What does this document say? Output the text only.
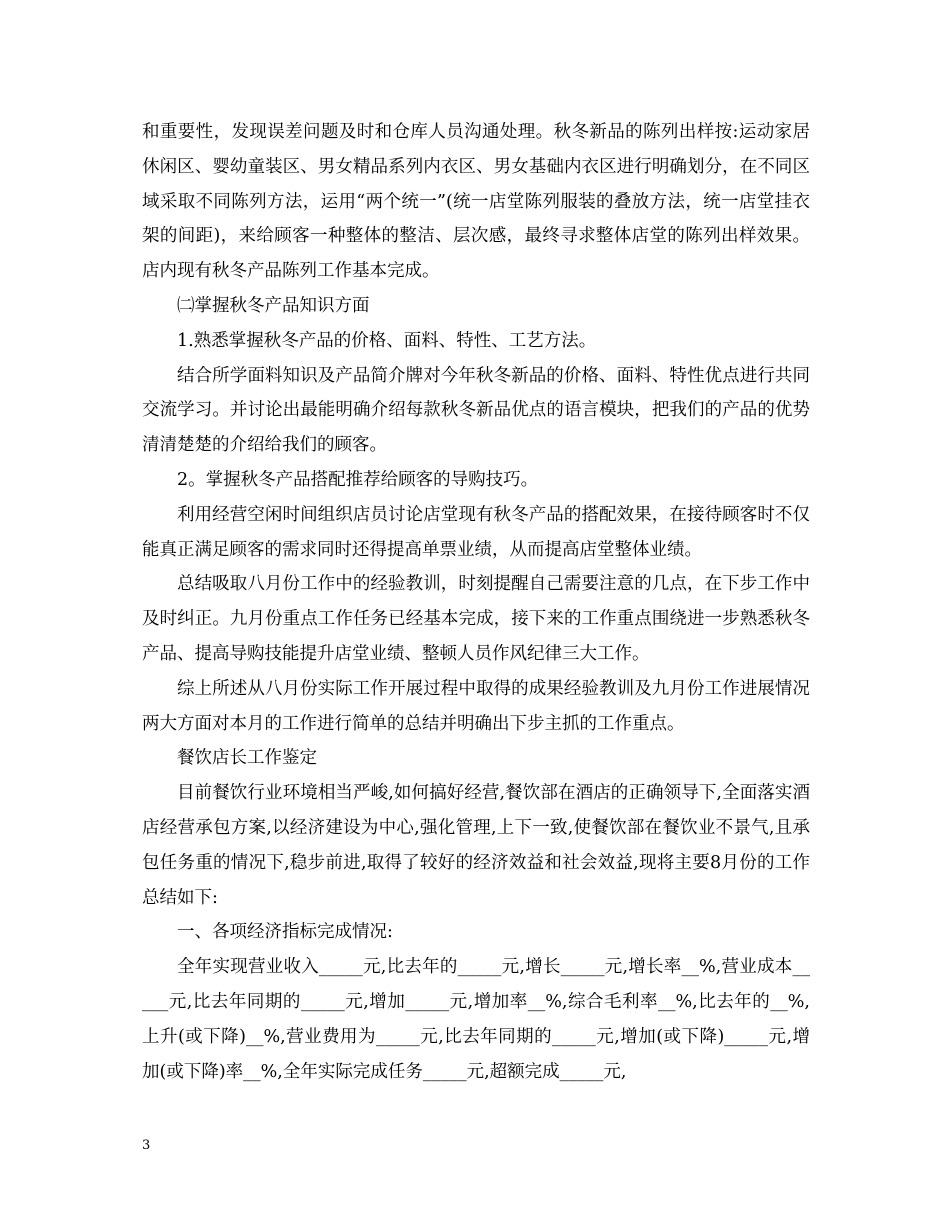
和重要性，发现误差问题及时和仓库人员沟通处理。秋冬新品的陈列出样按:运动家居休闲区、婴幼童装区、男女精品系列内衣区、男女基础内衣区进行明确划分，在不同区域采取不同陈列方法，运用“两个统一”(统一店堂陈列服装的叠放方法，统一店堂挂衣架的间距)，来给顾客一种整体的整洁、层次感，最终寻求整体店堂的陈列出样效果。店内现有秋冬产品陈列工作基本完成。

㈡掌握秋冬产品知识方面

1.熟悉掌握秋冬产品的价格、面料、特性、工艺方法。

结合所学面料知识及产品简介牌对今年秋冬新品的价格、面料、特性优点进行共同交流学习。并讨论出最能明确介绍每款秋冬新品优点的语言模块，把我们的产品的优势清清楚楚的介绍给我们的顾客。

2。掌握秋冬产品搭配推荐给顾客的导购技巧。

利用经营空闲时间组织店员讨论店堂现有秋冬产品的搭配效果，在接待顾客时不仅能真正满足顾客的需求同时还得提高单票业绩，从而提高店堂整体业绩。

总结吸取八月份工作中的经验教训，时刻提醒自己需要注意的几点，在下步工作中及时纠正。九月份重点工作任务已经基本完成，接下来的工作重点围绕进一步熟悉秋冬产品、提高导购技能提升店堂业绩、整顿人员作风纪律三大工作。

综上所述从八月份实际工作开展过程中取得的成果经验教训及九月份工作进展情况两大方面对本月的工作进行简单的总结并明确出下步主抓的工作重点。

餐饮店长工作鉴定

目前餐饮行业环境相当严峻,如何搞好经营,餐饮部在酒店的正确领导下,全面落实酒店经营承包方案,以经济建设为中心,强化管理,上下一致,使餐饮部在餐饮业不景气,且承包任务重的情况下,稳步前进,取得了较好的经济效益和社会效益,现将主要8月份的工作总结如下:

一、各项经济指标完成情况:

全年实现营业收入_____元,比去年的_____元,增长_____元,增长率__%,营业成本_____元,比去年同期的_____元,增加_____元,增加率__%,综合毛利率__%,比去年的__%,上升(或下降)__%,营业费用为_____元,比去年同期的_____元,增加(或下降)_____元,增加(或下降)率__%,全年实际完成任务_____元,超额完成_____元,

3
